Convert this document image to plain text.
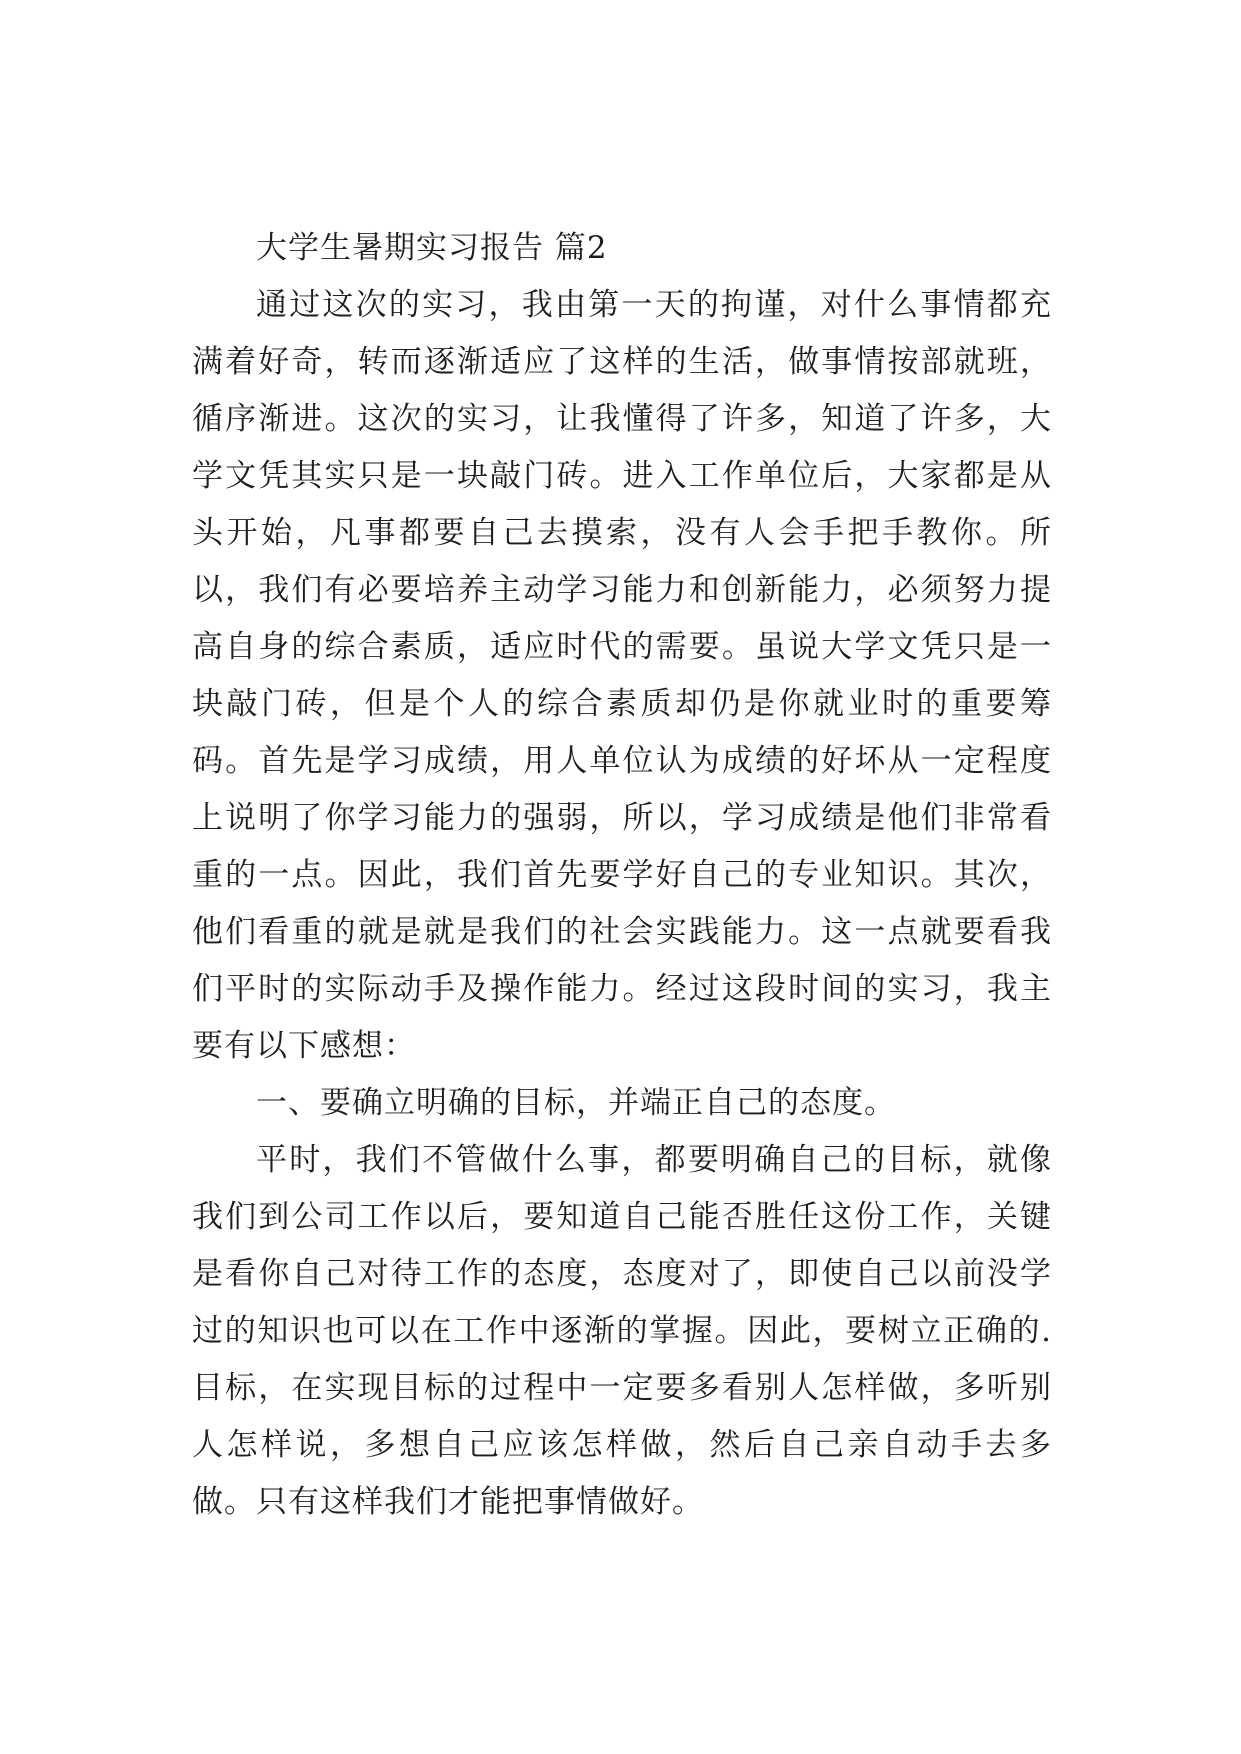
大学生暑期实习报告 篇2

通过这次的实习，我由第一天的拘谨，对什么事情都充满着好奇，转而逐渐适应了这样的生活，做事情按部就班，循序渐进。这次的实习，让我懂得了许多，知道了许多，大学文凭其实只是一块敲门砖。进入工作单位后，大家都是从头开始，凡事都要自己去摸索，没有人会手把手教你。所以，我们有必要培养主动学习能力和创新能力，必须努力提高自身的综合素质，适应时代的需要。虽说大学文凭只是一块敲门砖，但是个人的综合素质却仍是你就业时的重要筹码。首先是学习成绩，用人单位认为成绩的好坏从一定程度上说明了你学习能力的强弱，所以，学习成绩是他们非常看重的一点。因此，我们首先要学好自己的专业知识。其次，他们看重的就是就是我们的社会实践能力。这一点就要看我们平时的实际动手及操作能力。经过这段时间的实习，我主要有以下感想：

一、要确立明确的目标，并端正自己的态度。

平时，我们不管做什么事，都要明确自己的目标，就像我们到公司工作以后，要知道自己能否胜任这份工作，关键是看你自己对待工作的态度，态度对了，即使自己以前没学过的知识也可以在工作中逐渐的掌握。因此，要树立正确的.目标，在实现目标的过程中一定要多看别人怎样做，多听别人怎样说，多想自己应该怎样做，然后自己亲自动手去多做。只有这样我们才能把事情做好。
